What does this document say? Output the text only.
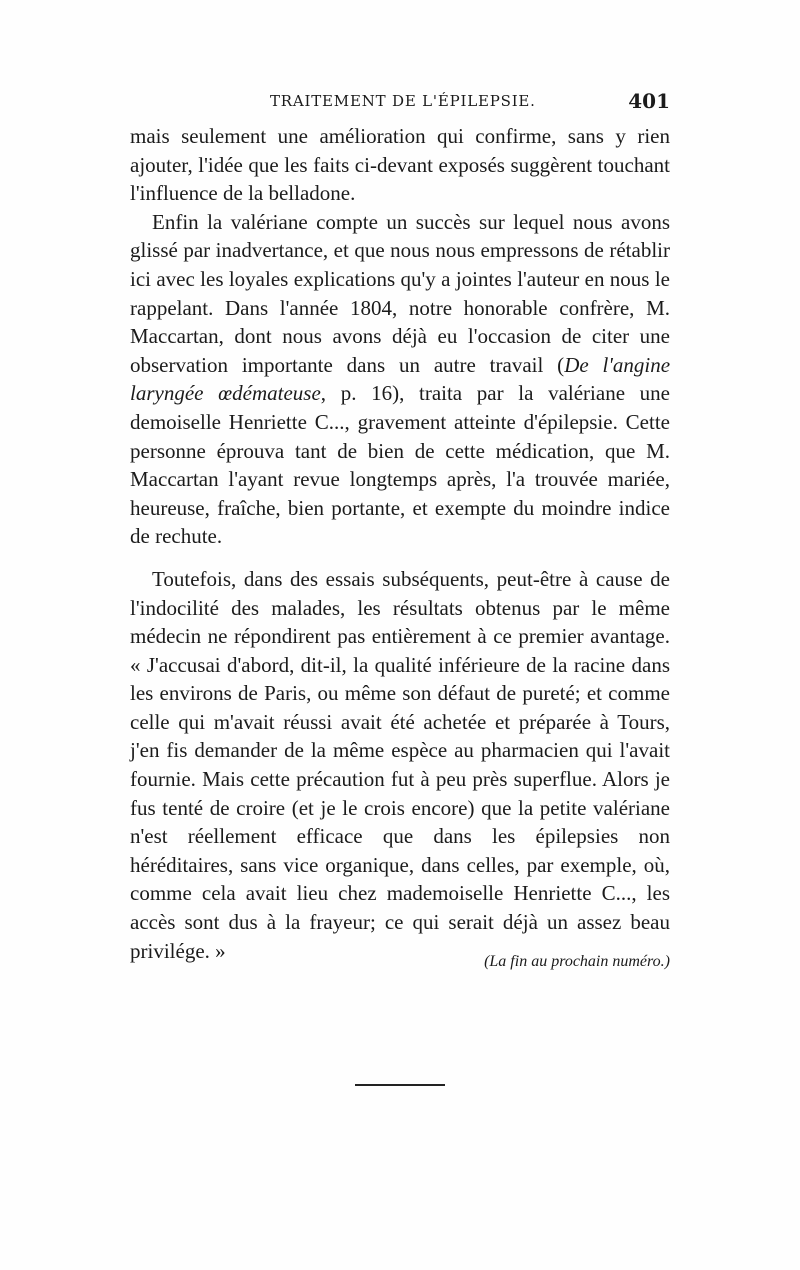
TRAITEMENT DE L'ÉPILEPSIE.	401

mais seulement une amélioration qui confirme, sans y rien ajouter, l'idée que les faits ci-devant exposés suggèrent touchant l'influence de la belladone.

Enfin la valériane compte un succès sur lequel nous avons glissé par inadvertance, et que nous nous empressons de rétablir ici avec les loyales explications qu'y a jointes l'auteur en nous le rappelant. Dans l'année 1804, notre honorable confrère, M. Maccartan, dont nous avons déjà eu l'occasion de citer une observation importante dans un autre travail (De l'angine laryngée œdémateuse, p. 16), traita par la valériane une demoiselle Henriette C..., gravement atteinte d'épilepsie. Cette personne éprouva tant de bien de cette médication, que M. Maccartan l'ayant revue longtemps après, l'a trouvée mariée, heureuse, fraîche, bien portante, et exempte du moindre indice de rechute.

Toutefois, dans des essais subséquents, peut-être à cause de l'indocilité des malades, les résultats obtenus par le même médecin ne répondirent pas entièrement à ce premier avantage. « J'accusai d'abord, dit-il, la qualité inférieure de la racine dans les environs de Paris, ou même son défaut de pureté; et comme celle qui m'avait réussi avait été achetée et préparée à Tours, j'en fis demander de la même espèce au pharmacien qui l'avait fournie. Mais cette précaution fut à peu près superflue. Alors je fus tenté de croire (et je le crois encore) que la petite valériane n'est réellement efficace que dans les épilepsies non héréditaires, sans vice organique, dans celles, par exemple, où, comme cela avait lieu chez mademoiselle Henriette C..., les accès sont dus à la frayeur; ce qui serait déjà un assez beau privilége. »	(La fin au prochain numéro.)
